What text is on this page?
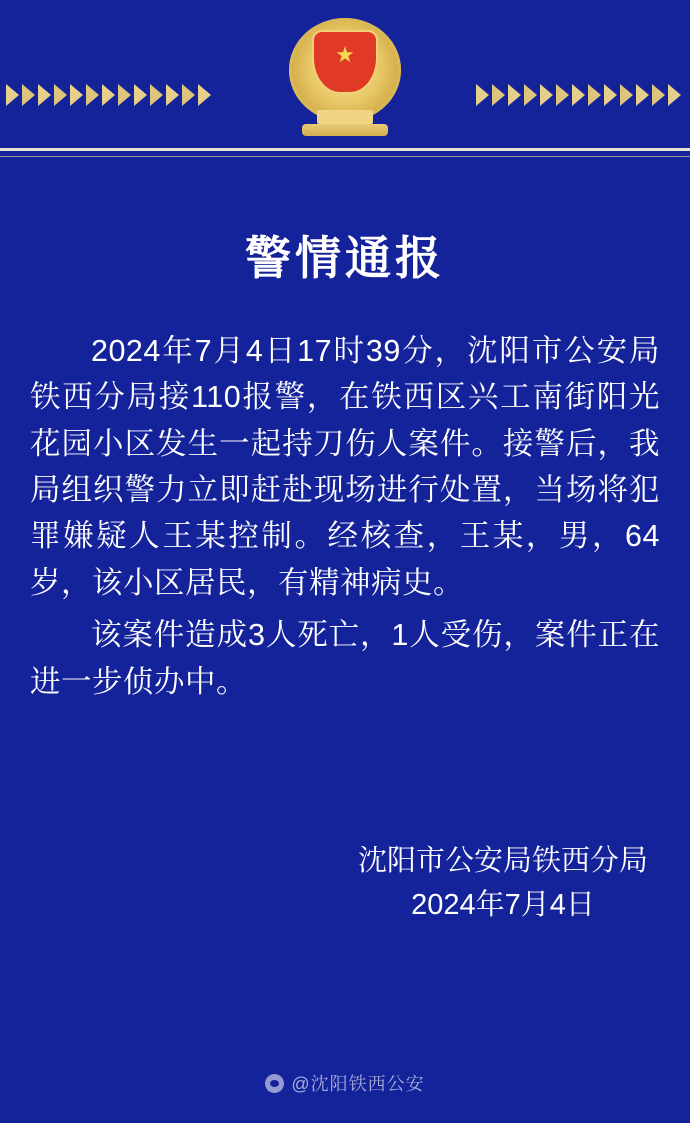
★
警情通报

2024年7月4日17时39分，沈阳市公安局铁西分局接110报警，在铁西区兴工南街阳光花园小区发生一起持刀伤人案件。接警后，我局组织警力立即赶赴现场进行处置，当场将犯罪嫌疑人王某控制。经核查，王某，男，64岁，该小区居民，有精神病史。

该案件造成3人死亡，1人受伤，案件正在进一步侦办中。

沈阳市公安局铁西分局
2024年7月4日
@沈阳铁西公安
